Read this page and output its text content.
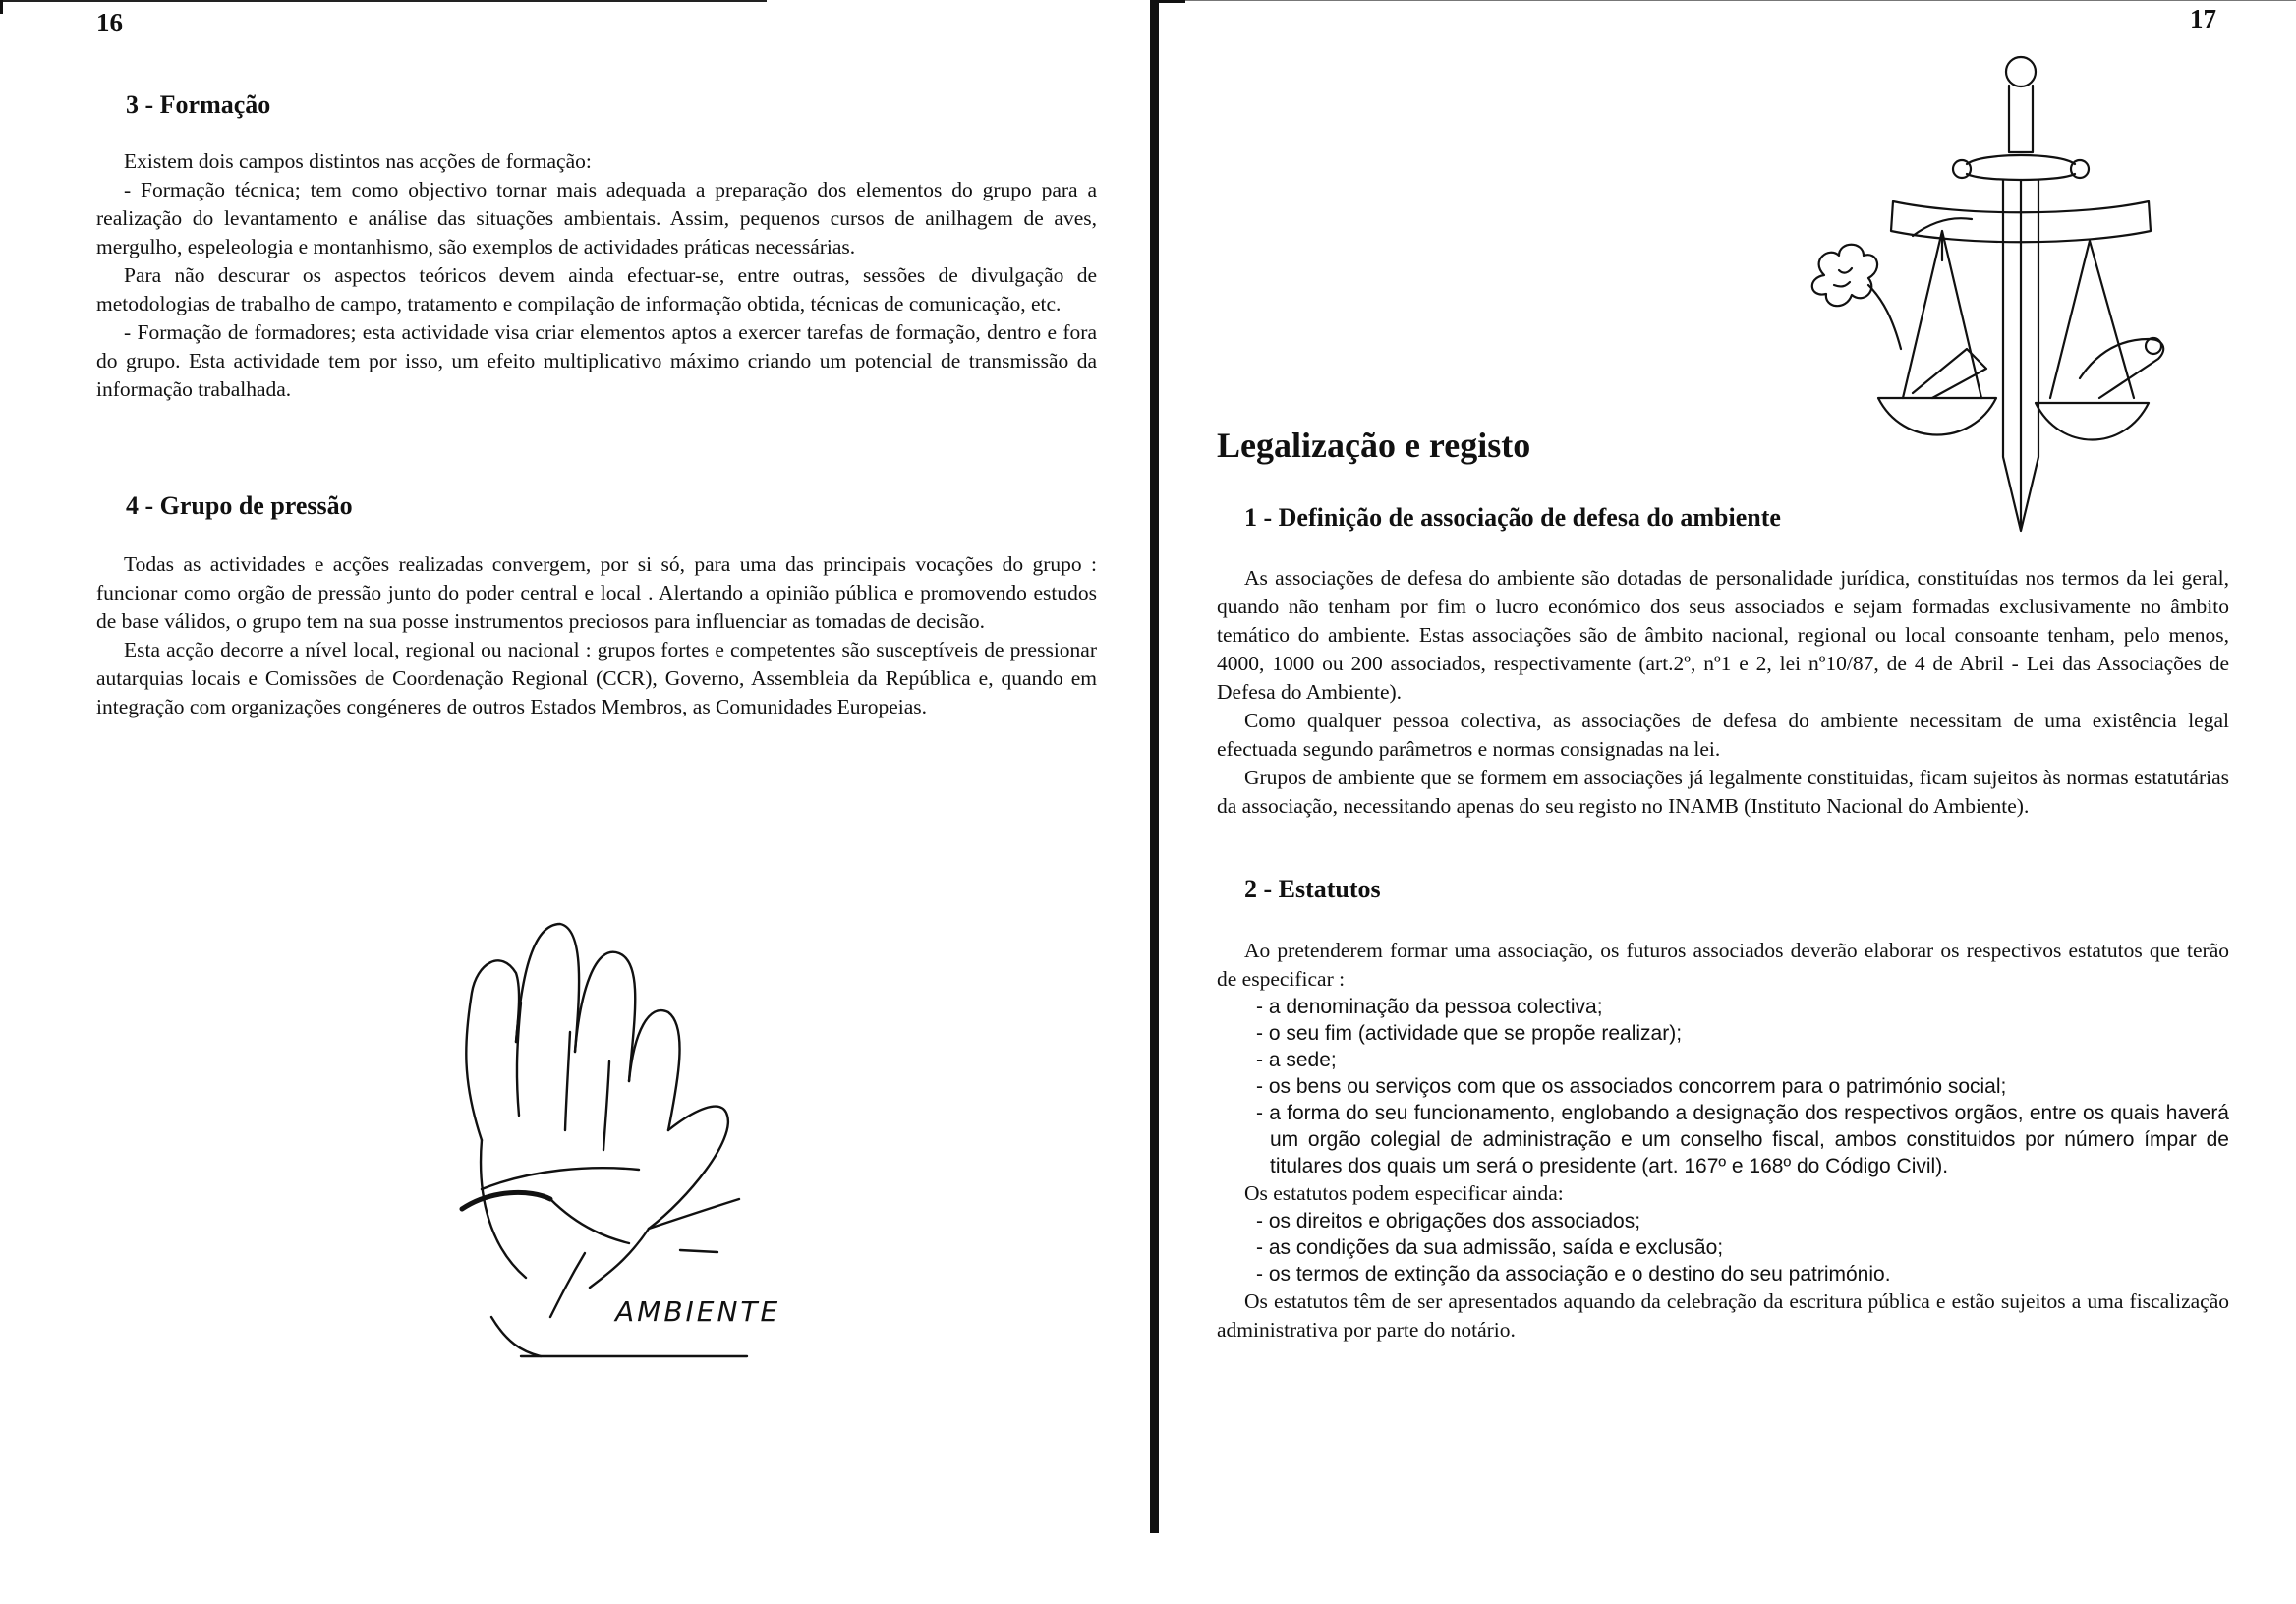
16
3 - Formação

Existem dois campos distintos nas acções de formação:

- Formação técnica; tem como objectivo tornar mais adequada a preparação dos elementos do grupo para a realização do levantamento e análise das situações ambientais. Assim, pequenos cursos de anilhagem de aves, mergulho, espeleologia e montanhismo, são exemplos de actividades práticas necessárias.

Para não descurar os aspectos teóricos devem ainda efectuar-se, entre outras, sessões de divulgação de metodologias de trabalho de campo, tratamento e compilação de informação obtida, técnicas de comunicação, etc.

- Formação de formadores; esta actividade visa criar elementos aptos a exercer tarefas de formação, dentro e fora do grupo. Esta actividade tem por isso, um efeito multiplicativo máximo criando um potencial de transmissão da informação trabalhada.

4 - Grupo de pressão

Todas as actividades e acções realizadas convergem, por si só, para uma das principais vocações do grupo : funcionar como orgão de pressão junto do poder central e local . Alertando a opinião pública e promovendo estudos de base válidos, o grupo tem na sua posse instrumentos preciosos para influenciar as tomadas de decisão.

Esta acção decorre a nível local, regional ou nacional : grupos fortes e competentes são susceptíveis de pressionar autarquias locais e Comissões de Coordenação Regional (CCR), Governo, Assembleia da República e, quando em integração com organizações congéneres de outros Estados Membros, as Comunidades Europeias.

AMBIENTE
17
Legalização e registo
1 - Definição de associação de defesa do ambiente

As associações de defesa do ambiente são dotadas de personalidade jurídica, constituídas nos termos da lei geral, quando não tenham por fim o lucro económico dos seus associados e sejam formadas exclusivamente no âmbito temático do ambiente. Estas associações são de âmbito nacional, regional ou local consoante tenham, pelo menos, 4000, 1000 ou 200 associados, respectivamente (art.2º, nº1 e 2, lei nº10/87, de 4 de Abril - Lei das Associações de Defesa do Ambiente).

Como qualquer pessoa colectiva, as associações de defesa do ambiente necessitam de uma existência legal efectuada segundo parâmetros e normas consignadas na lei.

Grupos de ambiente que se formem em associações já legalmente constituidas, ficam sujeitos às normas estatutárias da associação, necessitando apenas do seu registo no INAMB (Instituto Nacional do Ambiente).

2 - Estatutos

Ao pretenderem formar uma associação, os futuros associados deverão elaborar os respectivos estatutos que terão de especificar :

- a denominação da pessoa colectiva;
- o seu fim (actividade que se propõe realizar);
- a sede;
- os bens ou serviços com que os associados concorrem para o património social;
- a forma do seu funcionamento, englobando a designação dos respectivos orgãos, entre os quais haverá um orgão colegial de administração e um conselho fiscal, ambos constituidos por número ímpar de titulares dos quais um será o presidente (art. 167º e 168º do Código Civil).

Os estatutos podem especificar ainda:

- os direitos e obrigações dos associados;
- as condições da sua admissão, saída e exclusão;
- os termos de extinção da associação e o destino do seu património.

Os estatutos têm de ser apresentados aquando da celebração da escritura pública e estão sujeitos a uma fiscalização administrativa por parte do notário.
